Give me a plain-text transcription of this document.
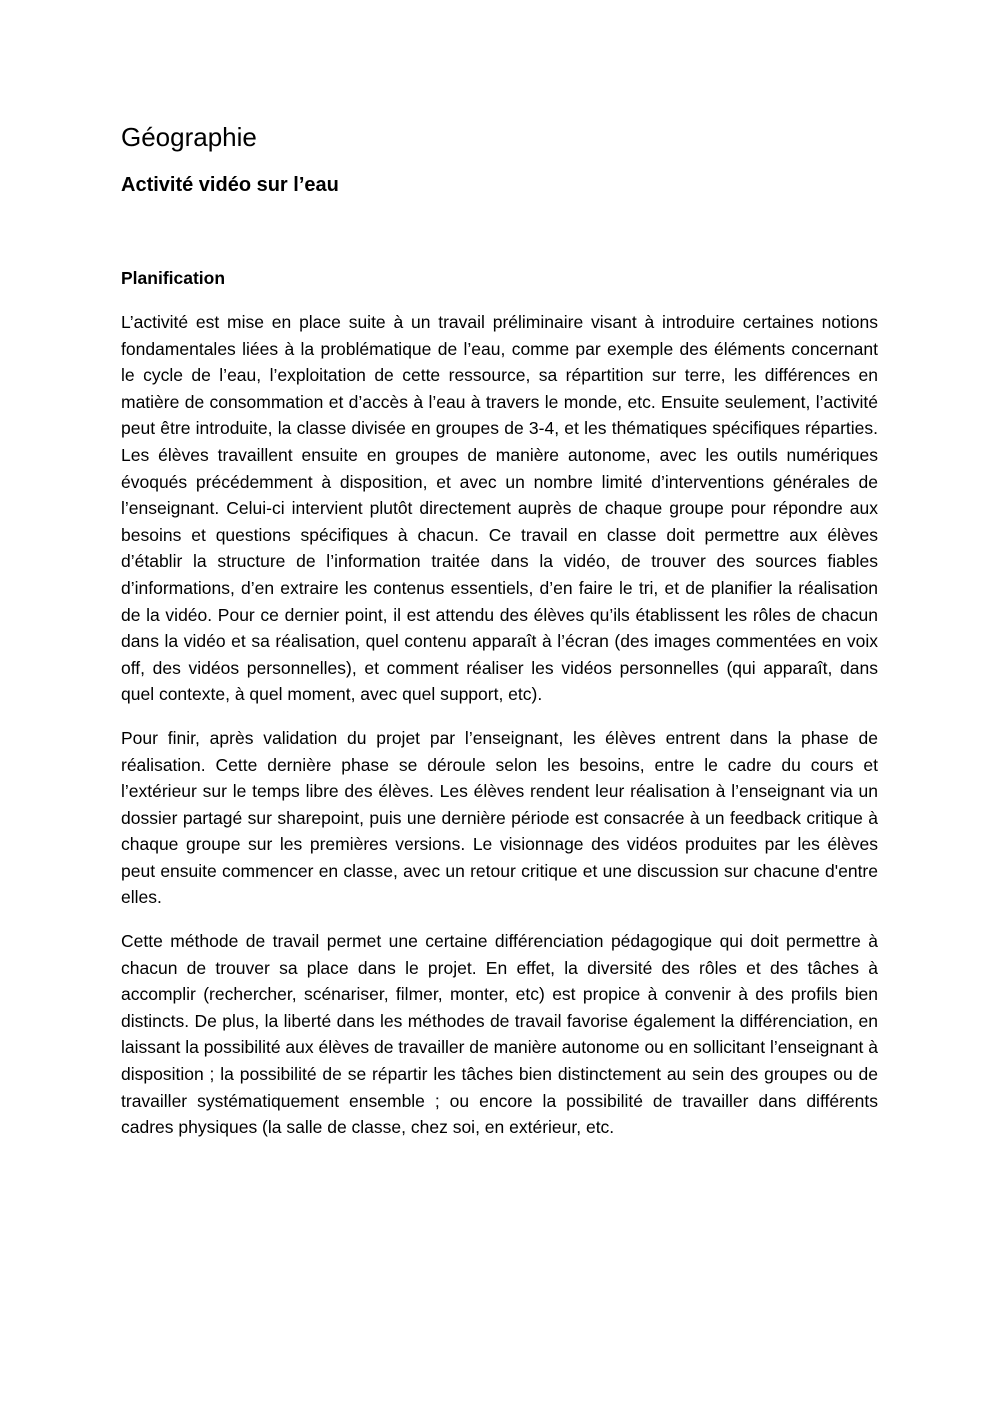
Géographie
Activité vidéo sur l’eau
Planification

L’activité est mise en place suite à un travail préliminaire visant à introduire certaines notions fondamentales liées à la problématique de l’eau, comme par exemple des éléments concernant le cycle de l’eau, l’exploitation de cette ressource, sa répartition sur terre, les différences en matière de consommation et d’accès à l’eau à travers le monde, etc. Ensuite seulement, l’activité peut être introduite, la classe divisée en groupes de 3-4, et les thématiques spécifiques réparties. Les élèves travaillent ensuite en groupes de manière autonome, avec les outils numériques évoqués précédemment à disposition, et avec un nombre limité d’interventions générales de l’enseignant. Celui-ci intervient plutôt directement auprès de chaque groupe pour répondre aux besoins et questions spécifiques à chacun. Ce travail en classe doit permettre aux élèves d’établir la structure de l’information traitée dans la vidéo, de trouver des sources fiables d’informations, d’en extraire les contenus essentiels, d’en faire le tri, et de planifier la réalisation de la vidéo. Pour ce dernier point, il est attendu des élèves qu’ils établissent les rôles de chacun dans la vidéo et sa réalisation, quel contenu apparaît à l’écran (des images commentées en voix off, des vidéos personnelles), et comment réaliser les vidéos personnelles (qui apparaît, dans quel contexte, à quel moment, avec quel support, etc).

Pour finir, après validation du projet par l’enseignant, les élèves entrent dans la phase de réalisation. Cette dernière phase se déroule selon les besoins, entre le cadre du cours et l’extérieur sur le temps libre des élèves. Les élèves rendent leur réalisation à l’enseignant via un dossier partagé sur sharepoint, puis une dernière période est consacrée à un feedback critique à chaque groupe sur les premières versions. Le visionnage des vidéos produites par les élèves peut ensuite commencer en classe, avec un retour critique et une discussion sur chacune d'entre elles.

Cette méthode de travail permet une certaine différenciation pédagogique qui doit permettre à chacun de trouver sa place dans le projet. En effet, la diversité des rôles et des tâches à accomplir (rechercher, scénariser, filmer, monter, etc) est propice à convenir à des profils bien distincts. De plus, la liberté dans les méthodes de travail favorise également la différenciation, en laissant la possibilité aux élèves de travailler de manière autonome ou en sollicitant l’enseignant à disposition ; la possibilité de se répartir les tâches bien distinctement au sein des groupes ou de travailler systématiquement ensemble ; ou encore la possibilité de travailler dans différents cadres physiques (la salle de classe, chez soi, en extérieur, etc.
